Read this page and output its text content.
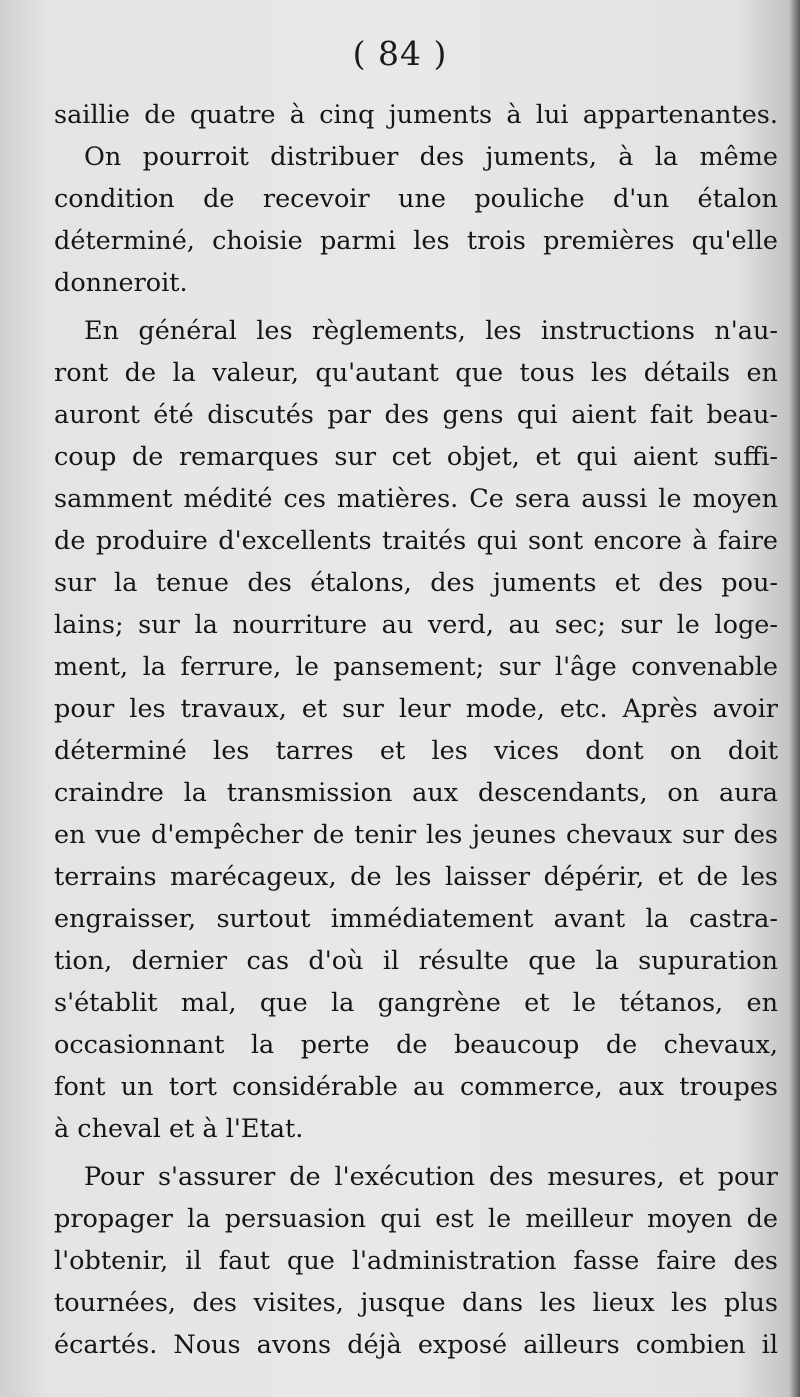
( 84 )
saillie de quatre à cinq juments à lui appartenantes.
On pourroit distribuer des juments, à la même
condition de recevoir une pouliche d'un étalon
déterminé, choisie parmi les trois premières qu'elle
donneroit.
En général les règlements, les instructions n'au-
ront de la valeur, qu'autant que tous les détails en
auront été discutés par des gens qui aient fait beau-
coup de remarques sur cet objet, et qui aient suffi-
samment médité ces matières. Ce sera aussi le moyen
de produire d'excellents traités qui sont encore à faire
sur la tenue des étalons, des juments et des pou-
lains; sur la nourriture au verd, au sec; sur le loge-
ment, la ferrure, le pansement; sur l'âge convenable
pour les travaux, et sur leur mode, etc. Après avoir
déterminé les tarres et les vices dont on doit
craindre la transmission aux descendants, on aura
en vue d'empêcher de tenir les jeunes chevaux sur des
terrains marécageux, de les laisser dépérir, et de les
engraisser, surtout immédiatement avant la castra-
tion, dernier cas d'où il résulte que la supuration
s'établit mal, que la gangrène et le tétanos, en
occasionnant la perte de beaucoup de chevaux,
font un tort considérable au commerce, aux troupes
à cheval et à l'Etat.
Pour s'assurer de l'exécution des mesures, et pour
propager la persuasion qui est le meilleur moyen de
l'obtenir, il faut que l'administration fasse faire des
tournées, des visites, jusque dans les lieux les plus
écartés. Nous avons déjà exposé ailleurs combien il
